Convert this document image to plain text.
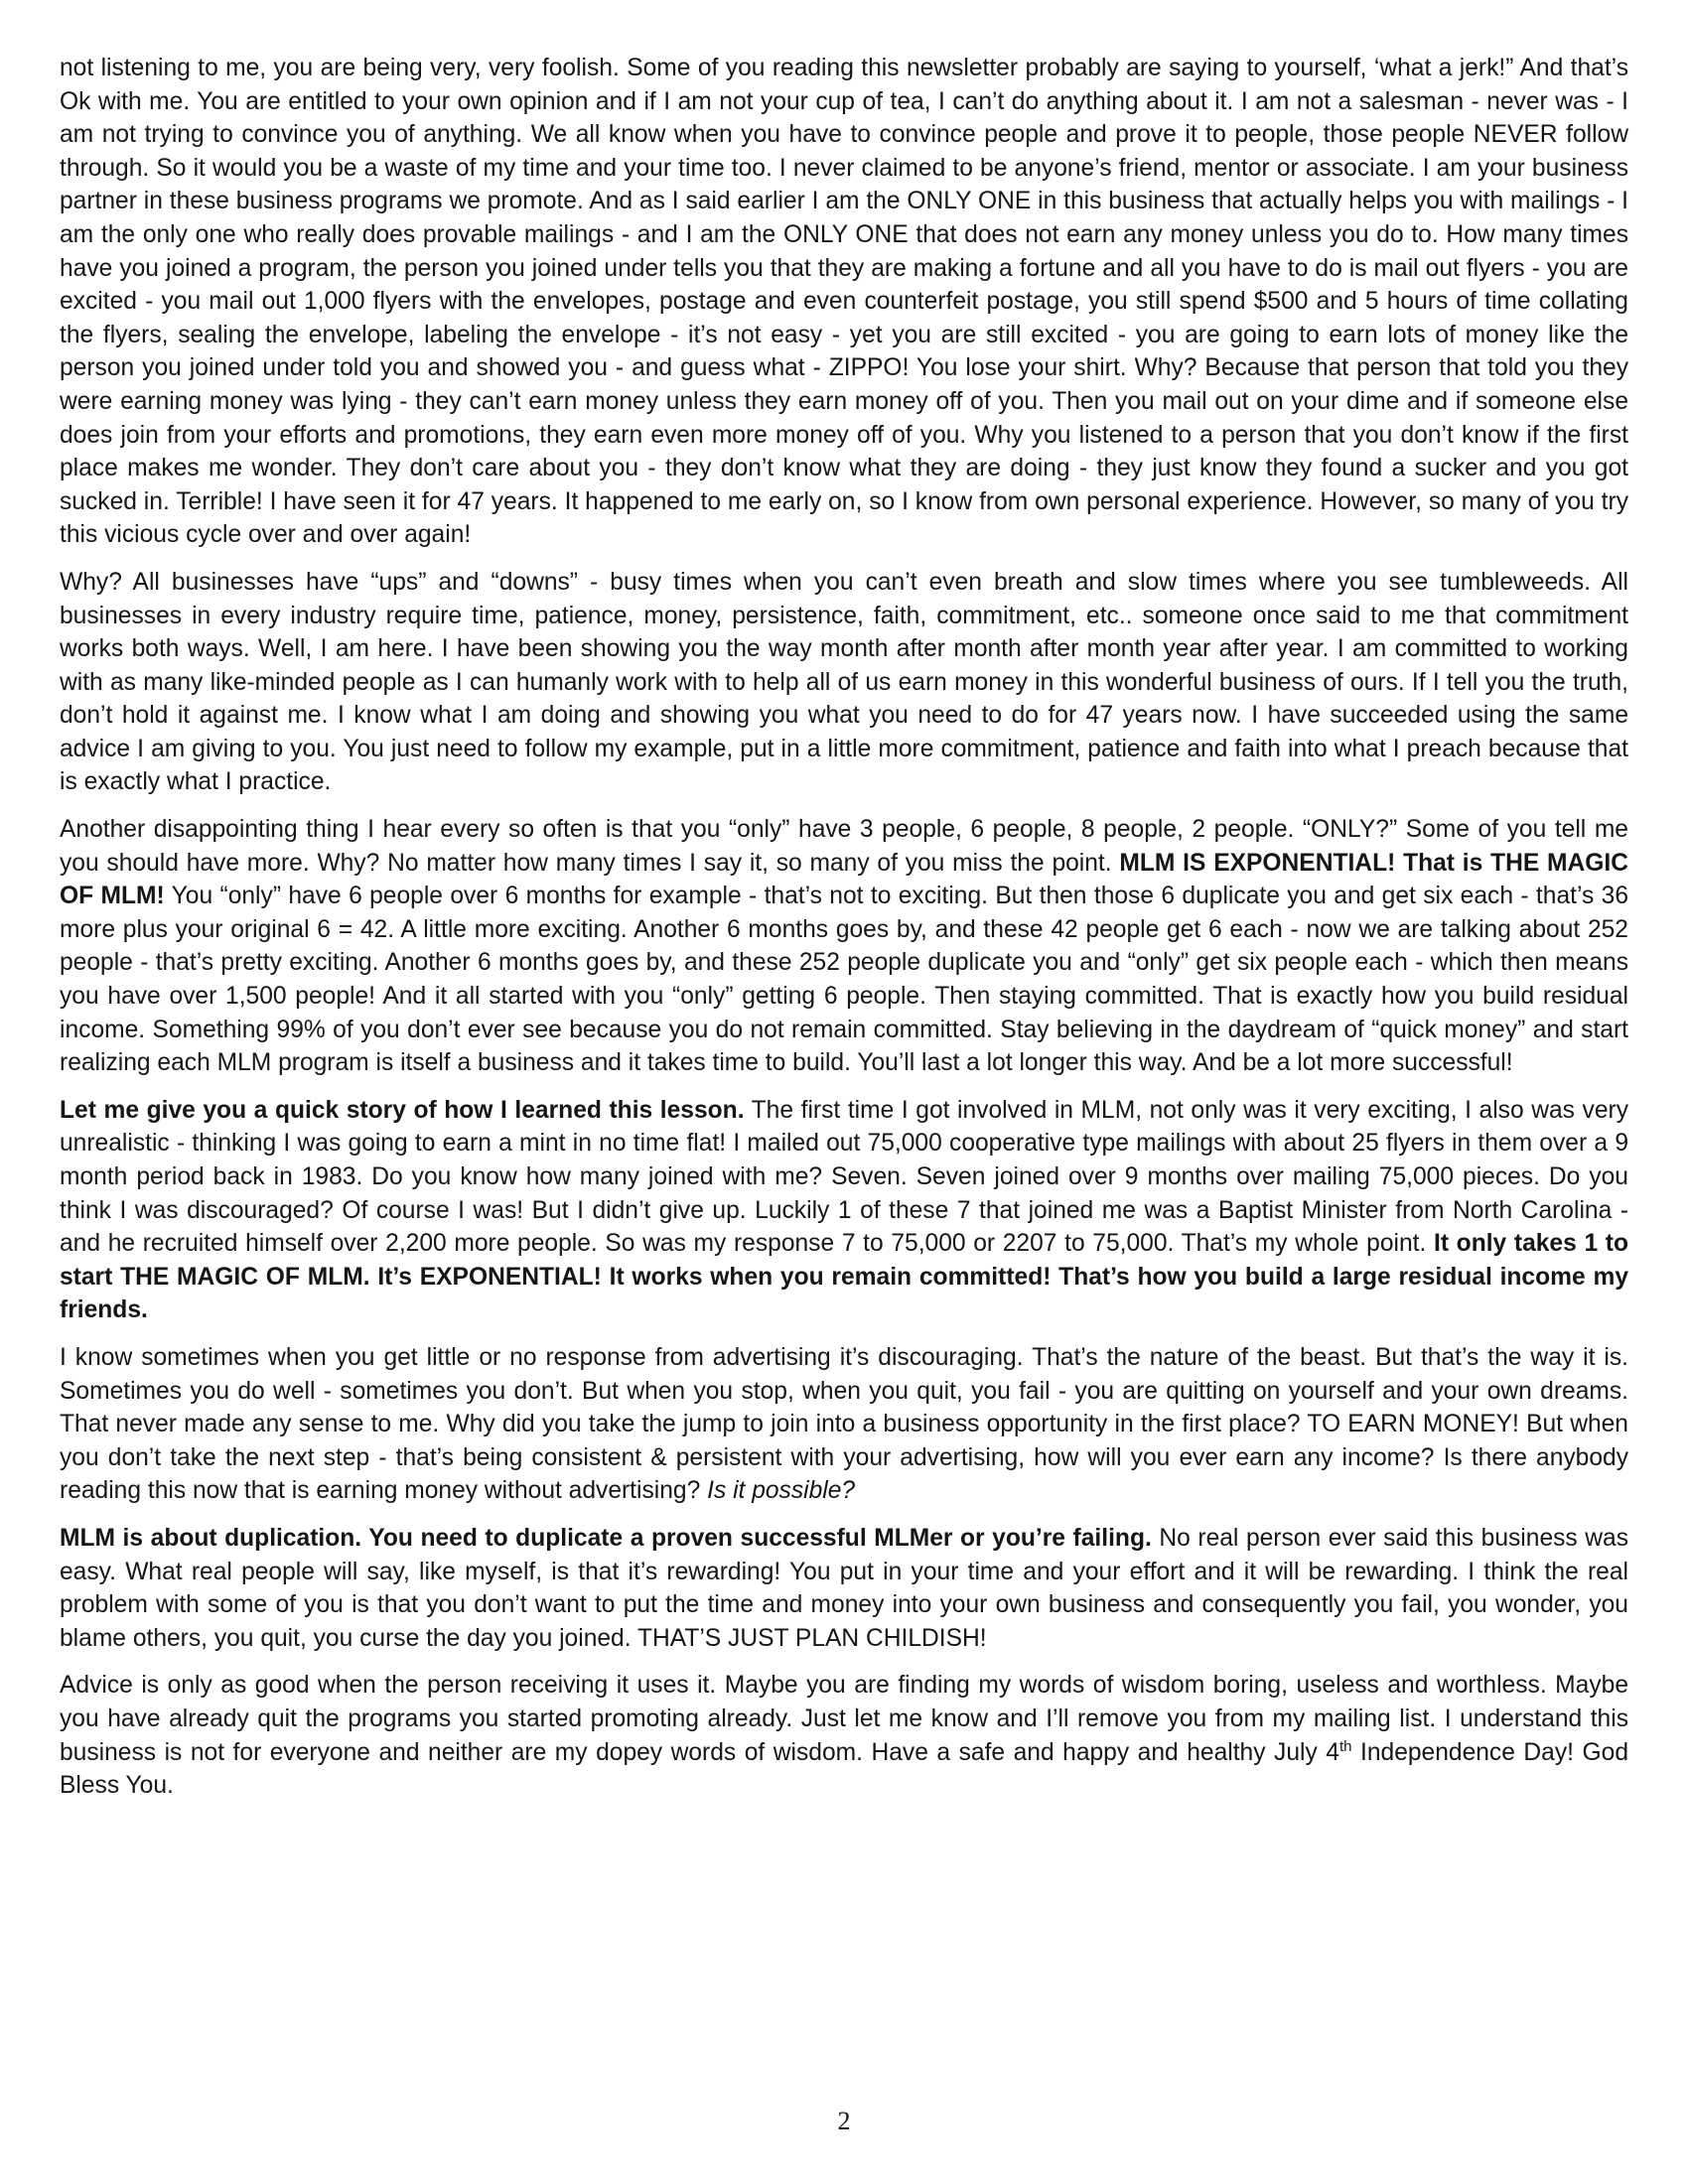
not listening to me, you are being very, very foolish. Some of you reading this newsletter probably are saying to yourself, ‘what a jerk!” And that’s Ok with me. You are entitled to your own opinion and if I am not your cup of tea, I can’t do anything about it. I am not a salesman - never was - I am not trying to convince you of anything. We all know when you have to convince people and prove it to people, those people NEVER follow through. So it would you be a waste of my time and your time too. I never claimed to be anyone’s friend, mentor or associate. I am your business partner in these business programs we promote. And as I said earlier I am the ONLY ONE in this business that actually helps you with mailings - I am the only one who really does provable mailings - and I am the ONLY ONE that does not earn any money unless you do to. How many times have you joined a program, the person you joined under tells you that they are making a fortune and all you have to do is mail out flyers - you are excited - you mail out 1,000 flyers with the envelopes, postage and even counterfeit postage, you still spend $500 and 5 hours of time collating the flyers, sealing the envelope, labeling the envelope - it’s not easy - yet you are still excited - you are going to earn lots of money like the person you joined under told you and showed you - and guess what - ZIPPO! You lose your shirt. Why? Because that person that told you they were earning money was lying - they can’t earn money unless they earn money off of you. Then you mail out on your dime and if someone else does join from your efforts and promotions, they earn even more money off of you. Why you listened to a person that you don’t know if the first place makes me wonder. They don’t care about you - they don’t know what they are doing - they just know they found a sucker and you got sucked in. Terrible! I have seen it for 47 years. It happened to me early on, so I know from own personal experience. However, so many of you try this vicious cycle over and over again!

Why? All businesses have “ups” and “downs” - busy times when you can’t even breath and slow times where you see tumbleweeds. All businesses in every industry require time, patience, money, persistence, faith, commitment, etc.. someone once said to me that commitment works both ways. Well, I am here. I have been showing you the way month after month after month year after year. I am committed to working with as many like-minded people as I can humanly work with to help all of us earn money in this wonderful business of ours. If I tell you the truth, don’t hold it against me. I know what I am doing and showing you what you need to do for 47 years now. I have succeeded using the same advice I am giving to you. You just need to follow my example, put in a little more commitment, patience and faith into what I preach because that is exactly what I practice.

Another disappointing thing I hear every so often is that you “only” have 3 people, 6 people, 8 people, 2 people. “ONLY?” Some of you tell me you should have more. Why? No matter how many times I say it, so many of you miss the point. MLM IS EXPONENTIAL! That is THE MAGIC OF MLM! You “only” have 6 people over 6 months for example - that’s not to exciting. But then those 6 duplicate you and get six each - that’s 36 more plus your original 6 = 42. A little more exciting. Another 6 months goes by, and these 42 people get 6 each - now we are talking about 252 people - that’s pretty exciting. Another 6 months goes by, and these 252 people duplicate you and “only” get six people each - which then means you have over 1,500 people! And it all started with you “only” getting 6 people. Then staying committed. That is exactly how you build residual income. Something 99% of you don’t ever see because you do not remain committed. Stay believing in the daydream of “quick money” and start realizing each MLM program is itself a business and it takes time to build. You’ll last a lot longer this way. And be a lot more successful!

Let me give you a quick story of how I learned this lesson. The first time I got involved in MLM, not only was it very exciting, I also was very unrealistic - thinking I was going to earn a mint in no time flat! I mailed out 75,000 cooperative type mailings with about 25 flyers in them over a 9 month period back in 1983. Do you know how many joined with me? Seven. Seven joined over 9 months over mailing 75,000 pieces. Do you think I was discouraged? Of course I was! But I didn’t give up. Luckily 1 of these 7 that joined me was a Baptist Minister from North Carolina - and he recruited himself over 2,200 more people. So was my response 7 to 75,000 or 2207 to 75,000. That’s my whole point. It only takes 1 to start THE MAGIC OF MLM. It’s EXPONENTIAL! It works when you remain committed! That’s how you build a large residual income my friends.

I know sometimes when you get little or no response from advertising it’s discouraging. That’s the nature of the beast. But that’s the way it is. Sometimes you do well - sometimes you don’t. But when you stop, when you quit, you fail - you are quitting on yourself and your own dreams. That never made any sense to me. Why did you take the jump to join into a business opportunity in the first place? TO EARN MONEY! But when you don’t take the next step - that’s being consistent & persistent with your advertising, how will you ever earn any income? Is there anybody reading this now that is earning money without advertising? Is it possible?

MLM is about duplication. You need to duplicate a proven successful MLMer or you’re failing. No real person ever said this business was easy. What real people will say, like myself, is that it’s rewarding! You put in your time and your effort and it will be rewarding. I think the real problem with some of you is that you don’t want to put the time and money into your own business and consequently you fail, you wonder, you blame others, you quit, you curse the day you joined. THAT’S JUST PLAN CHILDISH!

Advice is only as good when the person receiving it uses it. Maybe you are finding my words of wisdom boring, useless and worthless. Maybe you have already quit the programs you started promoting already. Just let me know and I’ll remove you from my mailing list. I understand this business is not for everyone and neither are my dopey words of wisdom. Have a safe and happy and healthy July 4th Independence Day! God Bless You.

2
